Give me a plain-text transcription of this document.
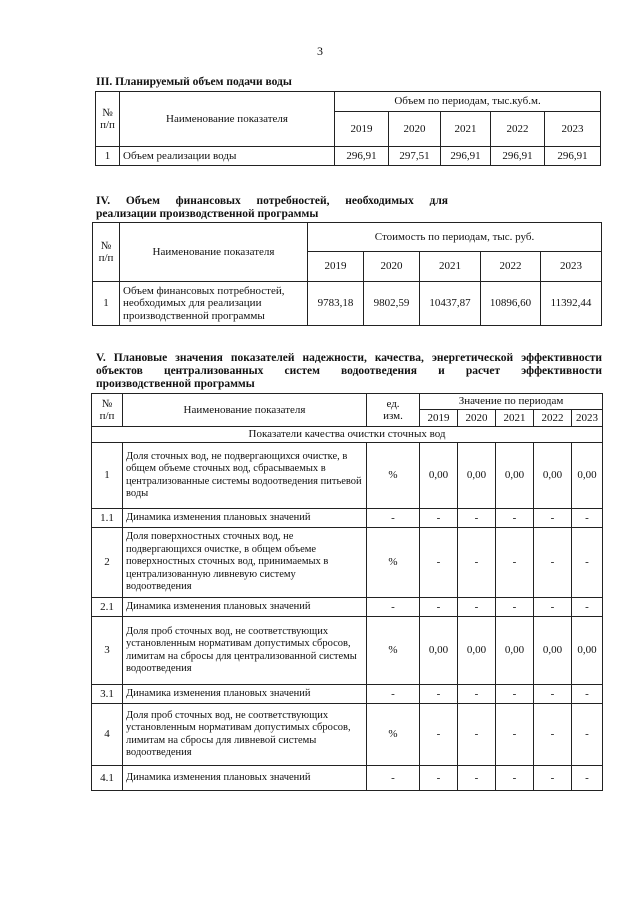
3
III. Планируемый объем подачи воды
№
п/п	Наименование показателя	Объем по периодам, тыс.куб.м.				
		2019	2020	2021	2022	2023
1	Объем реализации воды	296,91	297,51	296,91	296,91	296,91
IV. Объем финансовых потребностей, необходимых для
реализации производственной программы
№
п/п	Наименование показателя	Стоимость по периодам, тыс. руб.				
		2019	2020	2021	2022	2023
1	Объем финансовых потребностей, необходимых для реализации производственной программы	9783,18	9802,59	10437,87	10896,60	11392,44
V. Плановые значения показателей надежности, качества, энергетической эффективности
объектов централизованных систем водоотведения и расчет эффективности
производственной программы
№
п/п	Наименование показателя	ед.
изм.	Значение по периодам				
			2019	2020	2021	2022	2023
Показатели качества очистки сточных вод							
1	Доля сточных вод, не подвергающихся очистке, в общем объеме сточных вод, сбрасываемых в централизованные системы водоотведения питьевой воды	%	0,00	0,00	0,00	0,00	0,00
1.1	Динамика изменения плановых значений	-	-	-	-	-	-
2	Доля поверхностных сточных вод, не подвергающихся очистке, в общем объеме поверхностных сточных вод, принимаемых в централизованную ливневую систему водоотведения	%	-	-	-	-	-
2.1	Динамика изменения плановых значений	-	-	-	-	-	-
3	Доля проб сточных вод, не соответствующих установленным нормативам допустимых сбросов, лимитам на сбросы для централизованной системы водоотведения	%	0,00	0,00	0,00	0,00	0,00
3.1	Динамика изменения плановых значений	-	-	-	-	-	-
4	Доля проб сточных вод, не соответствующих установленным нормативам допустимых сбросов, лимитам на сбросы для ливневой системы водоотведения	%	-	-	-	-	-
4.1	Динамика изменения плановых значений	-	-	-	-	-	-
